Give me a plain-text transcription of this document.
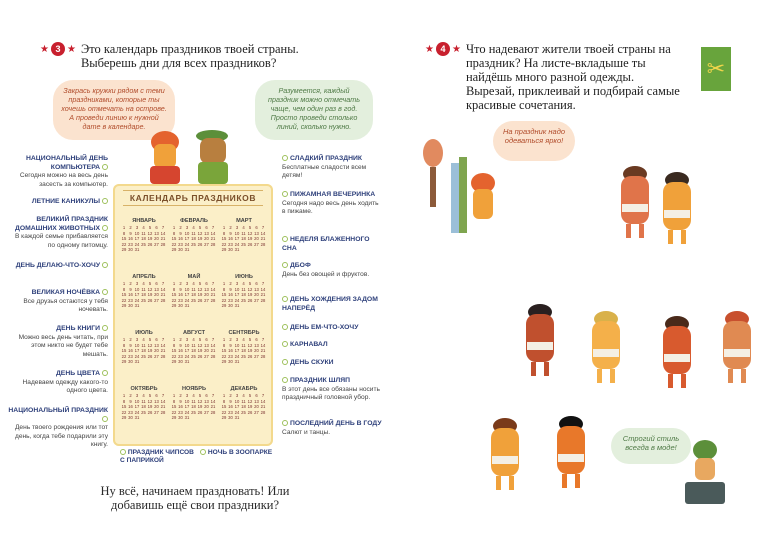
★ 3 ★ Это календарь праздников твоей страны. Выберешь дни для всех праздников?
Закрась кружки рядом с теми праздниками, которые ты хочешь отмечать на острове. А проведи линию к нужной дате в календаре.
Разумеется, каждый праздник можно отмечать чаще, чем один раз в год. Просто проведи столько линий, сколько нужно.
НАЦИОНАЛЬНЫЙ ДЕНЬ КОМПЬЮТЕРА
Сегодня можно на весь день засесть за компьютер.
ЛЕТНИЕ КАНИКУЛЫ
ВЕЛИКИЙ ПРАЗДНИК ДОМАШНИХ ЖИВОТНЫХ
В каждой семье прибавляется по одному питомцу.
ДЕНЬ ДЕЛАЮ-ЧТО-ХОЧУ
ВЕЛИКАЯ НОЧЁВКА
Все друзья остаются у тебя ночевать.
ДЕНЬ КНИГИ
Можно весь день читать, при этом никто не будет тебе мешать.
ДЕНЬ ЦВЕТА
Надеваем одежду какого-то одного цвета.
НАЦИОНАЛЬНЫЙ ПРАЗДНИК
День твоего рождения или тот день, когда тебе подарили эту книгу.
СЛАДКИЙ ПРАЗДНИК
Бесплатные сладости всем детям!
ПИЖАМНАЯ ВЕЧЕРИНКА
Сегодня надо весь день ходить в пижаме.
НЕДЕЛЯ БЛАЖЕННОГО СНА
ДБОФ
День без овощей и фруктов.
ДЕНЬ ХОЖДЕНИЯ ЗАДОМ НАПЕРЁД
ДЕНЬ ЕМ-ЧТО-ХОЧУ
КАРНАВАЛ
ДЕНЬ СКУКИ
ПРАЗДНИК ШЛЯП
В этот день все обязаны носить праздничный головной убор.
ПОСЛЕДНИЙ ДЕНЬ В ГОДУ
Салют и танцы.
КАЛЕНДАРЬ ПРАЗДНИКОВ
ЯНВАРЬ
1 2 3 4 5 6 7
8 9 10 11 12 13 14
15 16 17 18 19 20 21
22 23 24 25 26 27 28
29 30 31
ФЕВРАЛЬ
1 2 3 4 5 6 7
8 9 10 11 12 13 14
15 16 17 18 19 20 21
22 23 24 25 26 27 28
29 30 31
МАРТ
1 2 3 4 5 6 7
8 9 10 11 12 13 14
15 16 17 18 19 20 21
22 23 24 25 26 27 28
29 30 31
АПРЕЛЬ
1 2 3 4 5 6 7
8 9 10 11 12 13 14
15 16 17 18 19 20 21
22 23 24 25 26 27 28
29 30 31
МАЙ
1 2 3 4 5 6 7
8 9 10 11 12 13 14
15 16 17 18 19 20 21
22 23 24 25 26 27 28
29 30 31
ИЮНЬ
1 2 3 4 5 6 7
8 9 10 11 12 13 14
15 16 17 18 19 20 21
22 23 24 25 26 27 28
29 30 31
ИЮЛЬ
1 2 3 4 5 6 7
8 9 10 11 12 13 14
15 16 17 18 19 20 21
22 23 24 25 26 27 28
29 30 31
АВГУСТ
1 2 3 4 5 6 7
8 9 10 11 12 13 14
15 16 17 18 19 20 21
22 23 24 25 26 27 28
29 30 31
СЕНТЯБРЬ
1 2 3 4 5 6 7
8 9 10 11 12 13 14
15 16 17 18 19 20 21
22 23 24 25 26 27 28
29 30 31
ОКТЯБРЬ
1 2 3 4 5 6 7
8 9 10 11 12 13 14
15 16 17 18 19 20 21
22 23 24 25 26 27 28
29 30 31
НОЯБРЬ
1 2 3 4 5 6 7
8 9 10 11 12 13 14
15 16 17 18 19 20 21
22 23 24 25 26 27 28
29 30 31
ДЕКАБРЬ
1 2 3 4 5 6 7
8 9 10 11 12 13 14
15 16 17 18 19 20 21
22 23 24 25 26 27 28
29 30 31
ПРАЗДНИК ЧИПСОВ С ПАПРИКОЙ
НОЧЬ В ЗООПАРКЕ
Ну всё, начинаем праздновать! Или добавишь ещё свои праздники?
★ 4 ★ Что надевают жители твоей страны на праздник? На листе-вкладыше ты найдёшь много разной одежды. Вырезай, приклеивай и подбирай самые красивые сочетания.
✂
На праздник надо одеваться ярко!
Строгий стиль всегда в моде!
